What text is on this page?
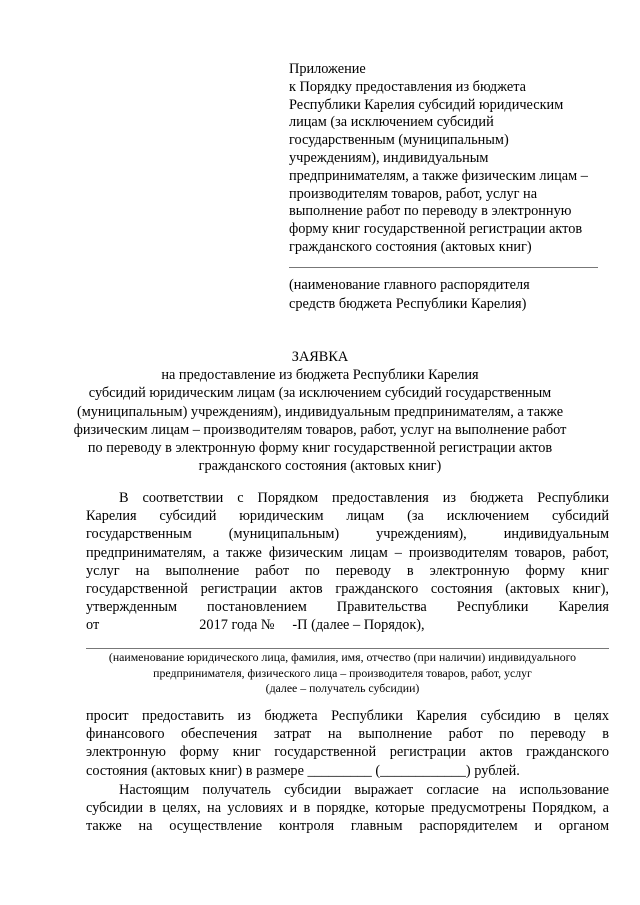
Приложение
к Порядку предоставления из бюджета
Республики Карелия субсидий юридическим
лицам (за исключением субсидий
государственным (муниципальным)
учреждениям), индивидуальным
предпринимателям, а также физическим лицам –
производителям товаров, работ, услуг на
выполнение работ по переводу в электронную
форму книг государственной регистрации актов
гражданского состояния (актовых книг)
(наименование главного распорядителя
средств бюджета Республики Карелия)
ЗАЯВКА
на предоставление из бюджета Республики Карелия
субсидий юридическим лицам (за исключением субсидий государственным
(муниципальным) учреждениям), индивидуальным предпринимателям, а также
физическим лицам – производителям товаров, работ, услуг на выполнение работ
по переводу в электронную форму книг государственной регистрации актов
гражданского состояния (актовых книг)
В соответствии с Порядком предоставления из бюджета Республики
Карелия субсидий юридическим лицам (за исключением субсидий
государственным (муниципальным) учреждениям), индивидуальным
предпринимателям, а также физическим лицам – производителям товаров, работ,
услуг на выполнение работ по переводу в электронную форму книг
государственной регистрации актов гражданского состояния (актовых книг),
утвержденным постановлением Правительства Республики Карелия
от                            2017 года №     -П (далее – Порядок),
(наименование юридического лица, фамилия, имя, отчество (при наличии) индивидуального
предпринимателя, физического лица – производителя товаров, работ, услуг
(далее – получатель субсидии)
просит предоставить из бюджета Республики Карелия субсидию в целях
финансового обеспечения затрат на выполнение работ по переводу в
электронную форму книг государственной регистрации актов гражданского
состояния (актовых книг) в размере _________ (____________) рублей.
Настоящим получатель субсидии выражает согласие на использование
субсидии в целях, на условиях и в порядке, которые предусмотрены Порядком, а
также на осуществление контроля главным распорядителем и органом
